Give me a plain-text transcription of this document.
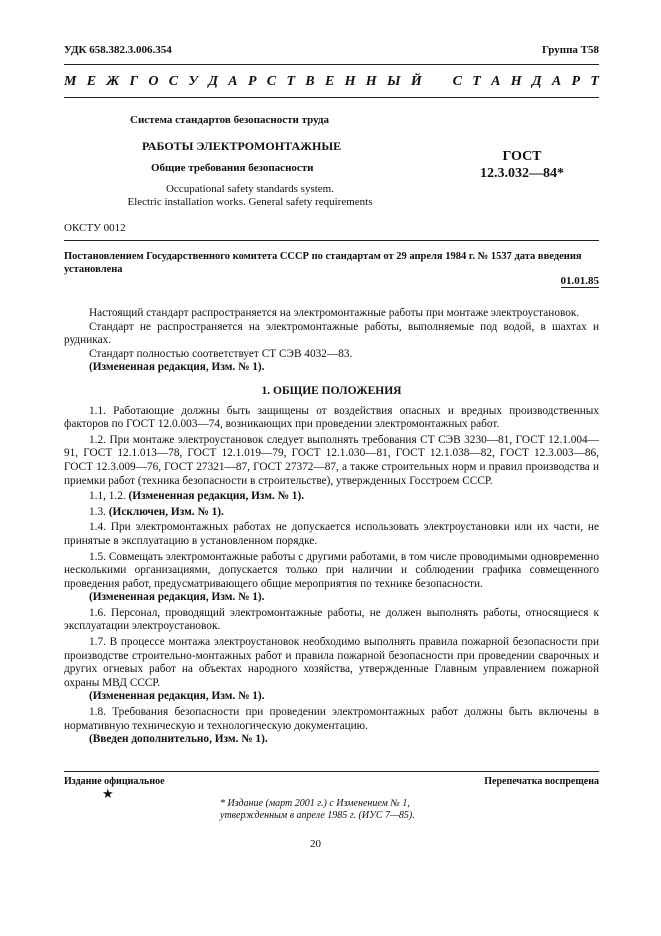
УДК 658.382.3.006.354	Группа Т58
М Е Ж Г О С У Д А Р С Т В Е Н Н Ы Й С Т А Н Д А Р Т
Система стандартов безопасности труда
РАБОТЫ ЭЛЕКТРОМОНТАЖНЫЕ
Общие требования безопасности
ГОСТ
12.3.032—84*
Occupational safety standards system.
Electric installation works. General safety requirements
ОКСТУ 0012
Постановлением Государственного комитета СССР по стандартам от 29 апреля 1984 г. № 1537 дата введения установлена
01.01.85

Настоящий стандарт распространяется на электромонтажные работы при монтаже электроустановок.

Стандарт не распространяется на электромонтажные работы, выполняемые под водой, в шахтах и рудниках.

Стандарт полностью соответствует СТ СЭВ 4032—83.

(Измененная редакция, Изм. № 1).

1. ОБЩИЕ ПОЛОЖЕНИЯ

1.1. Работающие должны быть защищены от воздействия опасных и вредных производственных факторов по ГОСТ 12.0.003—74, возникающих при проведении электромонтажных работ.

1.2. При монтаже электроустановок следует выполнять требования СТ СЭВ 3230—81, ГОСТ 12.1.004—91, ГОСТ 12.1.013—78, ГОСТ 12.1.019—79, ГОСТ 12.1.030—81, ГОСТ 12.1.038—82, ГОСТ 12.3.003—86, ГОСТ 12.3.009—76, ГОСТ 27321—87, ГОСТ 27372—87, а также строительных норм и правил производства и приемки работ (техника безопасности в строительстве), утвержденных Госстроем СССР.

1.1, 1.2. (Измененная редакция, Изм. № 1).

1.3. (Исключен, Изм. № 1).

1.4. При электромонтажных работах не допускается использовать электроустановки или их части, не принятые в эксплуатацию в установленном порядке.

1.5. Совмещать электромонтажные работы с другими работами, в том числе проводимыми одновременно несколькими организациями, допускается только при наличии и соблюдении графика совмещенного проведения работ, предусматривающего общие мероприятия по технике безопасности.

(Измененная редакция, Изм. № 1).

1.6. Персонал, проводящий электромонтажные работы, не должен выполнять работы, относящиеся к эксплуатации электроустановок.

1.7. В процессе монтажа электроустановок необходимо выполнять правила пожарной безопасности при производстве строительно-монтажных работ и правила пожарной безопасности при проведении сварочных и других огневых работ на объектах народного хозяйства, утвержденные Главным управлением пожарной охраны МВД СССР.

(Измененная редакция, Изм. № 1).

1.8. Требования безопасности при проведении электромонтажных работ должны быть включены в нормативную техническую и технологическую документацию.

(Введен дополнительно, Изм. № 1).

Издание официальное	Перепечатка воспрещена
★
* Издание (март 2001 г.) с Изменением № 1,
утвержденным в апреле 1985 г. (ИУС 7—85).
20
